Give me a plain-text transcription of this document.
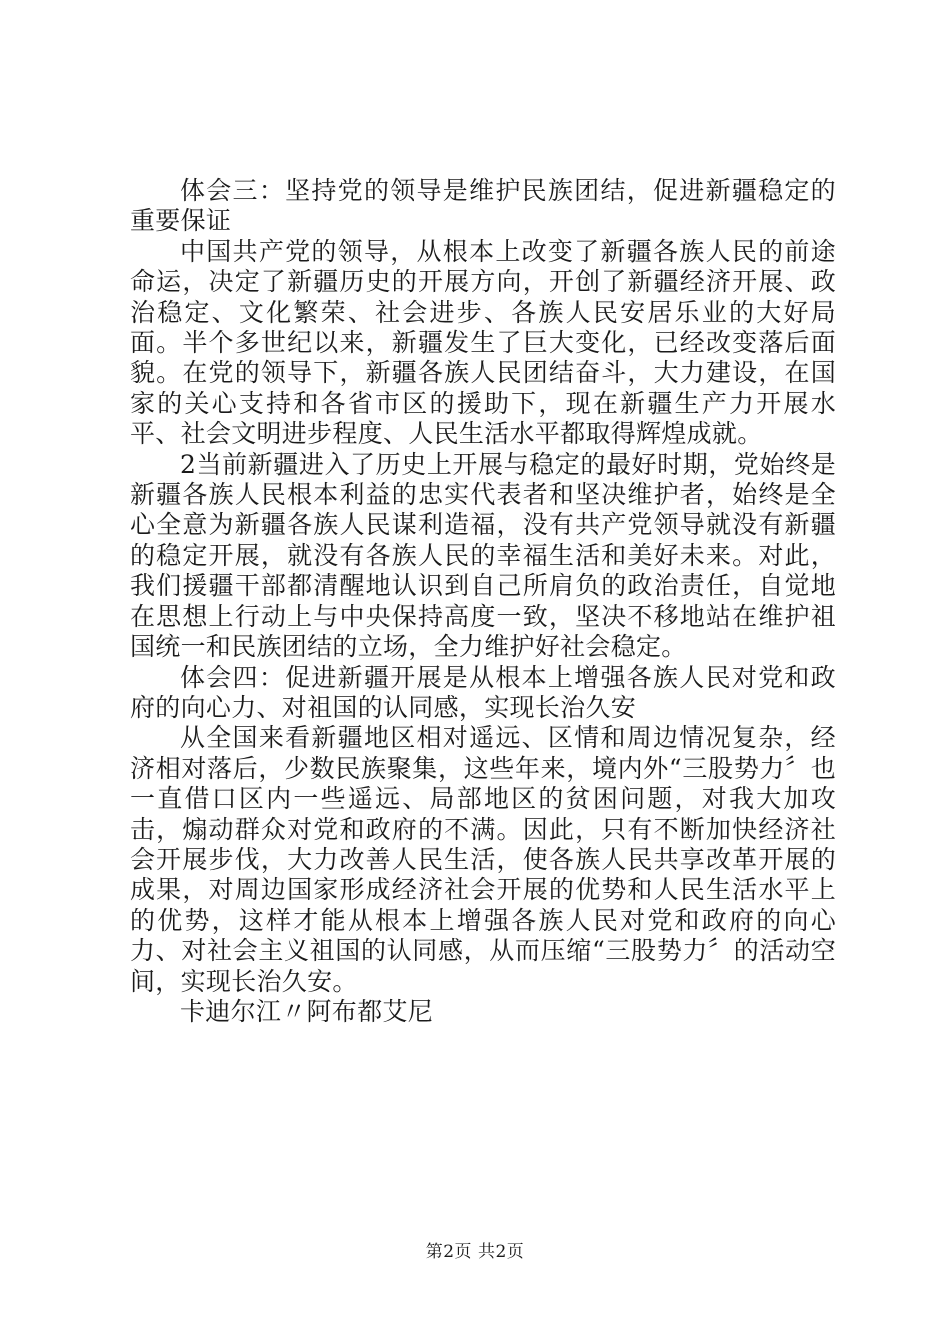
体会三：坚持党的领导是维护民族团结，促进新疆稳定的重要保证

中国共产党的领导，从根本上改变了新疆各族人民的前途命运，决定了新疆历史的开展方向，开创了新疆经济开展、政治稳定、文化繁荣、社会进步、各族人民安居乐业的大好局面。半个多世纪以来，新疆发生了巨大变化，已经改变落后面貌。在党的领导下，新疆各族人民团结奋斗，大力建设，在国家的关心支持和各省市区的援助下，现在新疆生产力开展水平、社会文明进步程度、人民生活水平都取得辉煌成就。

2当前新疆进入了历史上开展与稳定的最好时期，党始终是新疆各族人民根本利益的忠实代表者和坚决维护者，始终是全心全意为新疆各族人民谋利造福，没有共产党领导就没有新疆的稳定开展，就没有各族人民的幸福生活和美好未来。对此，我们援疆干部都清醒地认识到自己所肩负的政治责任，自觉地在思想上行动上与中央保持高度一致，坚决不移地站在维护祖国统一和民族团结的立场，全力维护好社会稳定。

体会四：促进新疆开展是从根本上增强各族人民对党和政府的向心力、对祖国的认同感，实现长治久安

从全国来看新疆地区相对遥远、区情和周边情况复杂，经济相对落后，少数民族聚集，这些年来，境内外“三股势力〞也一直借口区内一些遥远、局部地区的贫困问题，对我大加攻击，煽动群众对党和政府的不满。因此，只有不断加快经济社会开展步伐，大力改善人民生活，使各族人民共享改革开展的成果，对周边国家形成经济社会开展的优势和人民生活水平上的优势，这样才能从根本上增强各族人民对党和政府的向心力、对社会主义祖国的认同感，从而压缩“三股势力〞的活动空间，实现长治久安。

卡迪尔江〃阿布都艾尼

第2页 共2页
